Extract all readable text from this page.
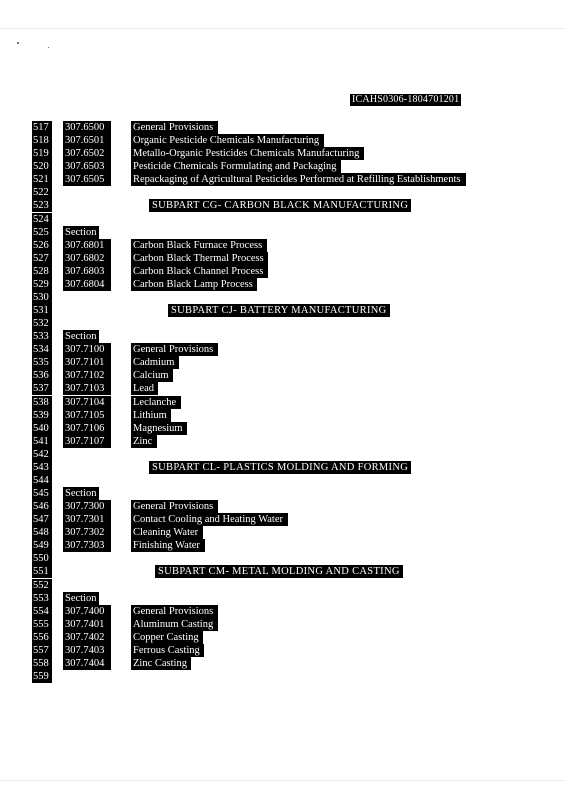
ICAHS0306-1804701201
517	307.6500	General Provisions
518	307.6501	Organic Pesticide Chemicals Manufacturing
519	307.6502	Metallo-Organic Pesticides Chemicals Manufacturing
520	307.6503	Pesticide Chemicals Formulating and Packaging
521	307.6505	Repackaging of Agricultural Pesticides Performed at Refilling Establishments
522
523	SUBPART CG- CARBON BLACK MANUFACTURING
524
525	Section
526	307.6801	Carbon Black Furnace Process
527	307.6802	Carbon Black Thermal Process
528	307.6803	Carbon Black Channel Process
529	307.6804	Carbon Black Lamp Process
530
531	SUBPART CJ- BATTERY MANUFACTURING
532
533	Section
534	307.7100	General Provisions
535	307.7101	Cadmium
536	307.7102	Calcium
537	307.7103	Lead
538	307.7104	Leclanche
539	307.7105	Lithium
540	307.7106	Magnesium
541	307.7107	Zinc
542
543	SUBPART CL- PLASTICS MOLDING AND FORMING
544
545	Section
546	307.7300	General Provisions
547	307.7301	Contact Cooling and Heating Water
548	307.7302	Cleaning Water
549	307.7303	Finishing Water
550
551	SUBPART CM- METAL MOLDING AND CASTING
552
553	Section
554	307.7400	General Provisions
555	307.7401	Aluminum Casting
556	307.7402	Copper Casting
557	307.7403	Ferrous Casting
558	307.7404	Zinc Casting
559
